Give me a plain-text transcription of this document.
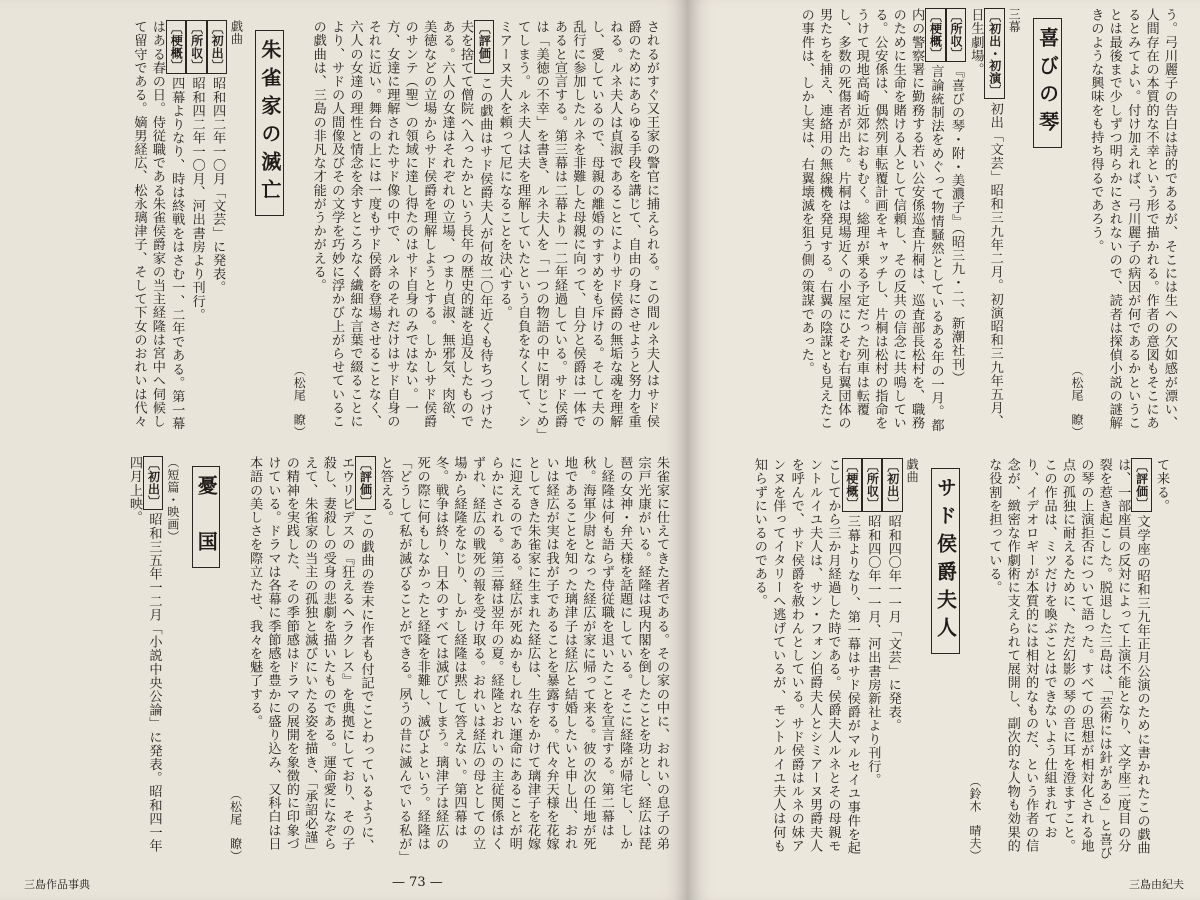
されるがすぐ又王家の警官に捕えられる。この間ルネ夫人はサド侯爵のためにあらゆる手段を講じて、自由の身にさせようと努力を重ねる。ルネ夫人は貞淑であることによりサド侯爵の無垢な魂を理解し、愛しているので、母親の離婚のすすめをも斥ける。そして夫の乱行に参加したルネを非難した母親に向って、自分と侯爵は一体であると宣言する。第三幕は二幕より一二年経過している。サド侯爵は「美徳の不幸」を書き、ルネ夫人を「一つの物語の中に閉じこめ」てしまう。ルネ夫人は夫を理解していたという自負をなくして、シミアーヌ夫人を頼って尼になることを決心する。

〔評価〕この戯曲はサド侯爵夫人が何故二〇年近くも待ちつづけた夫を捨てて僧院へ入ったかという長年の歴史的謎を追及したものである。六人の女達はそれぞれの立場、つまり貞淑、無邪気、肉欲、美徳などの立場からサド侯爵を理解しようとする。しかしサド侯爵のサンテ（聖）の領域に達し得たのはサド自身のみではない。一方、女達に理解されたサド像の中で、ルネのそれだけはサド自身のそれに近い。舞台の上には一度もサド侯爵を登場させることなく、六人の女達の理性と情念を余すところなく繊細な言葉で綴ることにより、サドの人間像及びその文学を巧妙に浮かび上がらせているこの戯曲は、三島の非凡な才能がうかがえる。
（松尾　瞭）

朱雀家の滅亡

戯曲

〔初出〕昭和四二年一〇月「文芸」に発表。

〔所収〕昭和四二年一〇月、河出書房より刊行。

〔梗概〕四幕よりなり、時は終戦をはさむ一、二年である。第一幕はある春の日。侍従職である朱雀侯爵家の当主経隆は宮中へ伺候して留守である。嫡男経広、松永璃津子、そして下女のおれいは代々

朱雀家に仕えてきた者である。その家の中に、おれいの息子の弟宗戸光康がいる。経隆は現内閣を倒したことを功とし、経広は琵琶の女神・弁天様を話題にしている。そこに経隆が帰宅し、しかし経隆は何も語らず侍従職を退いたことを宣言する。第二幕は秋。海軍少尉となった経広が家に帰って来る。彼の次の任地が死地であることを知った璃津子は経広と結婚したいと申し出、おれいは経広が実は我が子であることを暴露する。代々弁天様を花嫁としてきた朱雀家に生まれた経広は、生存をかけて璃津子を花嫁に迎えるのである。経広が死ぬかもしれない運命にあることが明らかにされる。第三幕は翌年の夏。経隆とおれいの主従関係はくずれ、経広の戦死の報を受け取る。おれいは経広の母としての立場から経隆をなじり、しかし経隆は黙して答えない。第四幕は冬。戦争は終り、日本のすべては滅びてしまう。璃津子は経広の死の際に何もしなかったと経隆を非難し、滅びよという。経隆は「どうして私が滅びることができる。夙うの昔に滅んでいる私が」と答える。

〔評価〕この戯曲の巻末に作者も付記でことわっているように、エウリピデスの『狂えるヘラクレス』を典拠にしており、その子殺し、妻殺しの受身の悲劇を描いたものである。運命愛になぞらえて、朱雀家の当主の孤独と滅びにいたる姿を描き、「承詔必謹」の精神を実践した、その季節感はドラマの展開を象徴的に印象づけている。ドラマは各幕に季節感を豊かに盛り込み、又科白は日本語の美しさを際立たせ、我々を魅了する。
（松尾　瞭）

憂　国

（短篇・映画）

〔初出〕昭和三五年一二月「小説中央公論」に発表。昭和四一年四月上映。

三島作品事典	— 73 —

う。弓川麗子の告白は詩的であるが、そこには生への欠如感が漂い、人間存在の本質的な不幸という形で描かれる。作者の意図もそこにあるとみてよい。付け加えれば、弓川麗子の病因が何であるかということは最後まで少しずつ明らかにされないので、読者は探偵小説の謎解きのような興味をも持ち得るであろう。
（松尾　瞭）

喜びの琴

三幕

〔初出・初演〕初出「文芸」昭和三九年二月。初演昭和三九年五月、日生劇場。

〔所収〕『喜びの琴・附・美濃子』（昭三九・二、新潮社刊）

〔梗概〕言論統制法をめぐって物情騒然としているある年の一月。都内の警察署に勤務する若い公安係巡査片桐は、巡査部長松村を、職務のために生命を賭ける人として信頼し、その反共の信念に共鳴している。公安係は、偶然列車転覆計画をキャッチし、片桐は松村の指命をうけて現地高崎近郊におもむく。総理が乗る予定だった列車は転覆し、多数の死傷者が出た。片桐は現場近くの小屋にひそむ右翼団体の男たちを捕え、連絡用の無線機を発見する。右翼の陰謀とも見えたこの事件は、しかし実は、右翼壊滅を狙う側の策謀であった。

て来る。

〔評価〕文学座の昭和三九年正月公演のために書かれたこの戯曲は、一部座員の反対によって上演不能となり、文学座二度目の分裂を惹き起こした。脱退した三島は、「芸術には針がある」と喜びの琴の上演拒否について語った。すべての思想が相対化される地点の孤独に耐えるために、ただ幻影の琴の音に耳を澄ますこと。この作品は、ミツだけを喚ぶことはできないよう仕組まれており、イデオロギーが本質的には相対的なものだ、という作者の信念が、緻密な作劇術に支えられて展開し、副次的な人物も効果的な役割を担っている。
（鈴木　晴夫）

サド侯爵夫人

戯曲

〔初出〕昭和四〇年一一月「文芸」に発表。

〔所収〕昭和四〇年一一月、河出書房新社より刊行。

〔梗概〕三幕よりなり、第一幕はサド侯爵がマルセイユ事件を起こしてから三か月経過した時である。侯爵夫人ルネとその母親モントルイユ夫人は、サン・フォン伯爵夫人とシミアーヌ男爵夫人を呼んで、サド侯爵を赦わんとしている。サド侯爵はルネの妹アンヌを伴ってイタリーへ逃げているが、モントルイユ夫人は何も知らずにいるのである。

三島由紀夫
